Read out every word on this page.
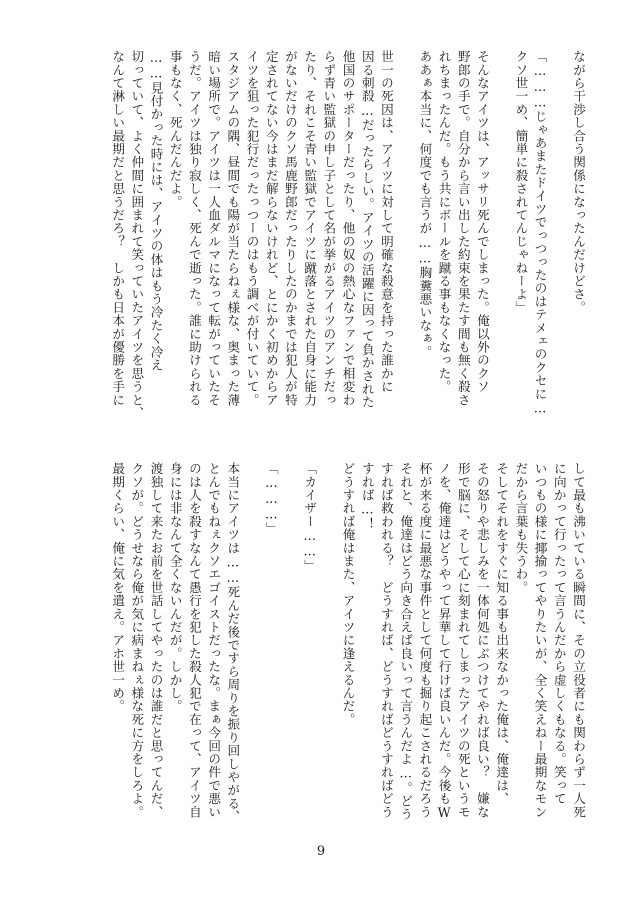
ながら干渉し合う関係になったんだけどさ。

「………じゃあまたドイツでっつったのはテメェのクセに…
クソ世一め、簡単に殺されてんじゃねーよ」

そんなアイツは、アッサリ死んでしまった。俺以外のクソ
野郎の手で。自分から言い出した約束を果たす間も無く殺さ
れちまったんだ。もう共にボールを蹴る事もなくなった。
ああぁ本当に、何度でも言うが……胸糞悪いなぁ。

世一の死因は、アイツに対して明確な殺意を持った誰かに
因る刺殺…だったらしい。アイツの活躍に因って負かされた
他国のサポーターだったり、他の奴の熱心なファンで相変わ
らず青い監獄の申し子として名が挙がるアイツのアンチだっ
たり、それこそ青い監獄でアイツに蹴落とされた自身に能力
がないだけのクソ馬鹿野郎だったりしたのかまでは犯人が特
定されてない今はまだ解らないけれど、とにかく初めからア
イツを狙った犯行だったっつーのはもう調べが付いていて。
スタジアムの隅、昼間でも陽が当たらねぇ様な、奥まった薄
暗い場所で。アイツは一人血ダルマになって転がっていたそ
うだ。アイツは独り寂しく、死んで逝った。誰に助けられる
事もなく、死んだんだよ。
……見付かった時には、アイツの体はもう冷たく冷え
切っていて、よく仲間に囲まれて笑っていたアイツを思うと、
なんて淋しい最期だと思うだろ？　しかも日本が優勝を手に
して最も沸いている瞬間に、その立役者にも関わらず一人死
に向かって行ったって言うんだから虚しくもなる。笑って
いつもの様に揶揄ってやりたいが、全く笑えねー最期なモン
だから言葉も失うわ。
そしてそれをすぐに知る事も出来なかった俺は、俺達は、
その怒りや悲しみを一体何処にぶつけてやれば良い？　嫌な
形で脳に、そして心に刻まれてしまったアイツの死というモ
ノを、俺達はどうやって昇華して行けば良いんだ。今後もW
杯が来る度に最悪な事件として何度も掘り起こされるだろう
それと、俺達はどう向き合えば良いって言うんだよ…。どう
すれば救われる？　どうすれば、どうすればどうすればどう
すれば…！
どうすれば俺はまた、アイツに逢えるんだ。

「カイザー……」

「………」

本当にアイツは……死んだ後ですら周りを振り回しやがる、
とんでもねぇクソエゴイストだったな。まぁ今回の件で悪い
のは人を殺すなんて愚行を犯した殺人犯で在って、アイツ自
身には非なんて全くないんだが。しかし。
渡独して来たお前を世話してやったのは誰だと思ってんだ、
クソが。どうせなら俺が気に病まねぇ様な死に方をしろよ。
最期くらい、俺に気を遣え。アホ世一め。
9
